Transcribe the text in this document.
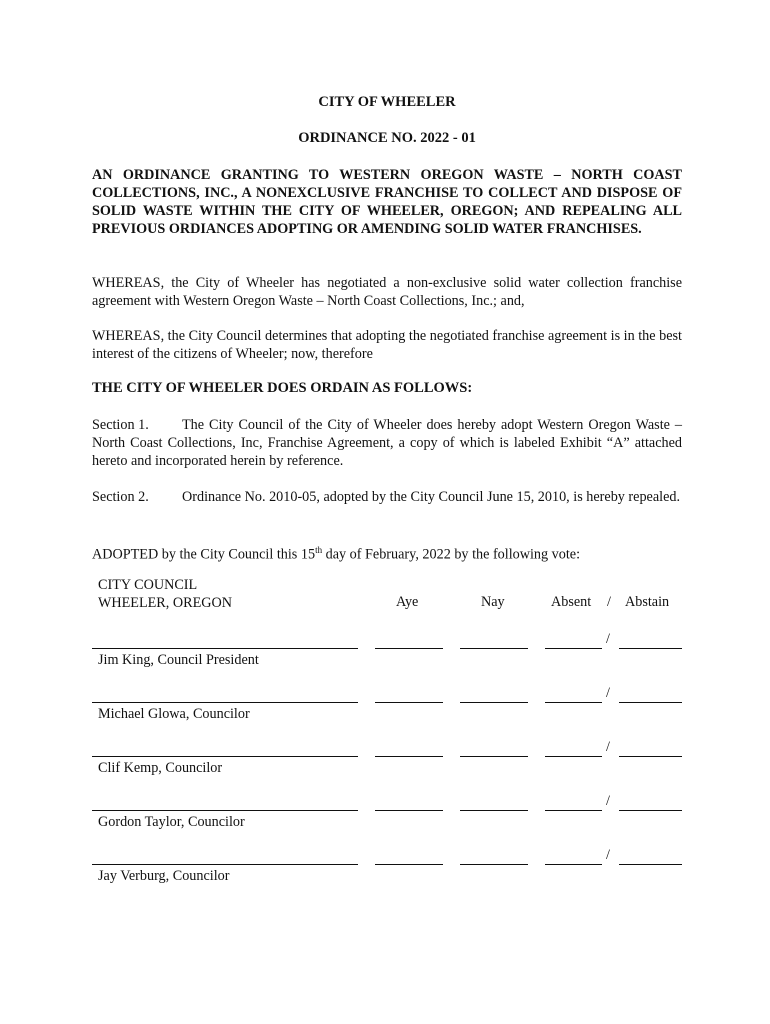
CITY OF WHEELER
ORDINANCE NO. 2022 - 01
AN ORDINANCE GRANTING TO WESTERN OREGON WASTE – NORTH COAST COLLECTIONS, INC., A NONEXCLUSIVE FRANCHISE TO COLLECT AND DISPOSE OF SOLID WASTE WITHIN THE CITY OF WHEELER, OREGON; AND REPEALING ALL PREVIOUS ORDIANCES ADOPTING OR AMENDING SOLID WATER FRANCHISES.
WHEREAS, the City of Wheeler has negotiated a non-exclusive solid water collection franchise agreement with Western Oregon Waste – North Coast Collections, Inc.; and,
WHEREAS, the City Council determines that adopting the negotiated franchise agreement is in the best interest of the citizens of Wheeler; now, therefore
THE CITY OF WHEELER DOES ORDAIN AS FOLLOWS:
Section 1. The City Council of the City of Wheeler does hereby adopt Western Oregon Waste – North Coast Collections, Inc, Franchise Agreement, a copy of which is labeled Exhibit “A” attached hereto and incorporated herein by reference.
Section 2. Ordinance No. 2010-05, adopted by the City Council June 15, 2010, is hereby repealed.
ADOPTED by the City Council this 15th day of February, 2022 by the following vote:
CITY COUNCIL
WHEELER, OREGON	Aye	Nay	Absent / Abstain
/
Jim King, Council President
/
Michael Glowa, Councilor
/
Clif Kemp, Councilor
/
Gordon Taylor, Councilor
/
Jay Verburg, Councilor
